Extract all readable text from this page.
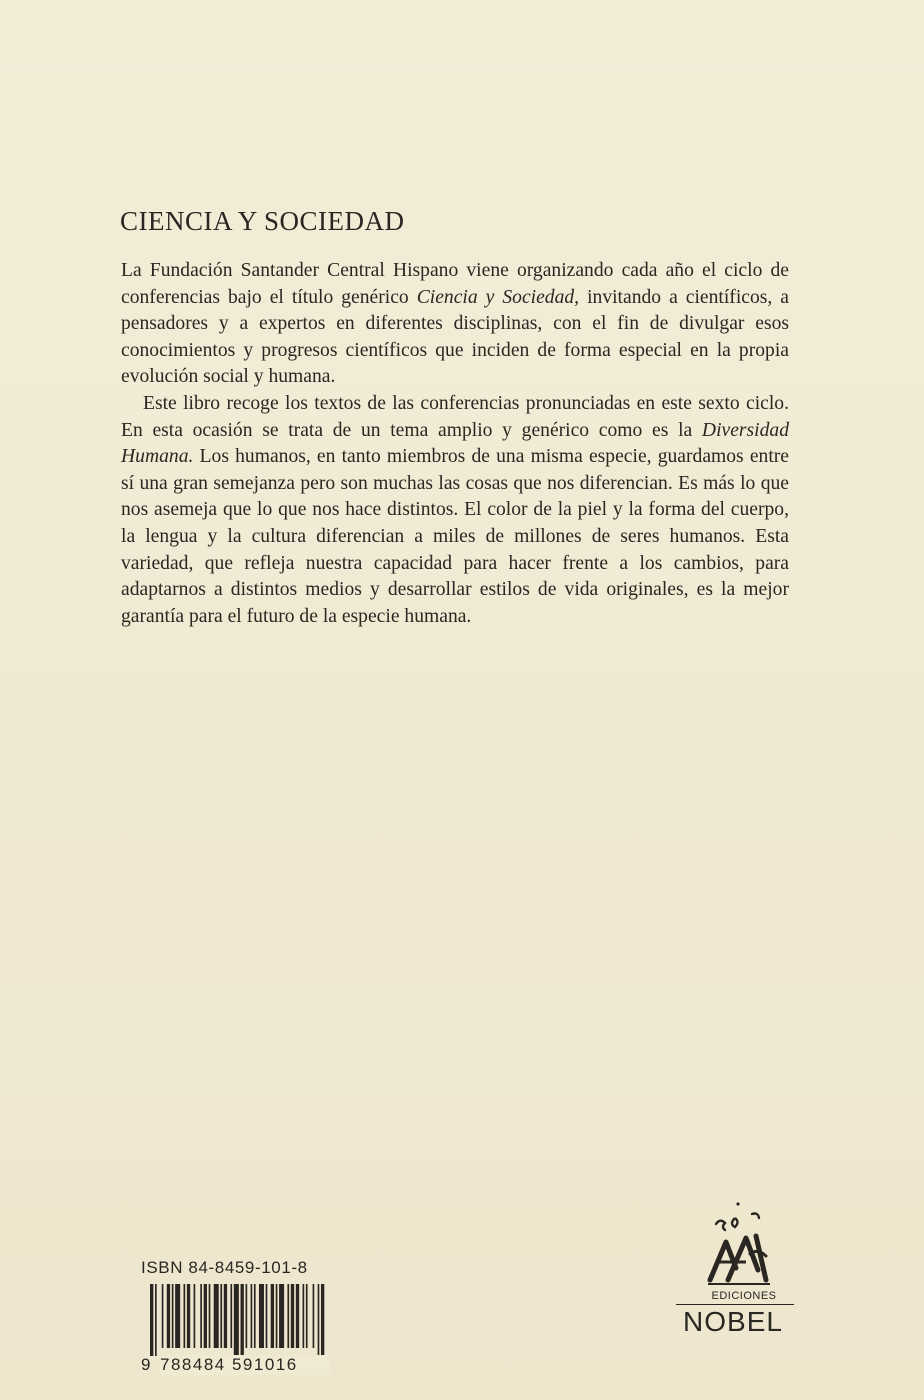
CIENCIA Y SOCIEDAD

La Fundación Santander Central Hispano viene organizando cada año el ciclo de conferencias bajo el título genérico Ciencia y Sociedad, invitando a científicos, a pensadores y a expertos en diferentes disciplinas, con el fin de divulgar esos conocimientos y progresos científicos que inciden de forma especial en la propia evolución social y humana.

Este libro recoge los textos de las conferencias pronunciadas en este sexto ciclo. En esta ocasión se trata de un tema amplio y genérico como es la Diversidad Humana. Los humanos, en tanto miembros de una misma especie, guardamos entre sí una gran semejanza pero son muchas las cosas que nos diferencian. Es más lo que nos asemeja que lo que nos hace distintos. El color de la piel y la forma del cuerpo, la lengua y la cultura diferencian a miles de millones de seres humanos. Esta variedad, que refleja nuestra capacidad para hacer frente a los cambios, para adaptarnos a distintos medios y desarrollar estilos de vida originales, es la mejor garantía para el futuro de la especie humana.

ISBN 84-8459-101-8
9 788484 591016
EDICIONES
NOBEL
